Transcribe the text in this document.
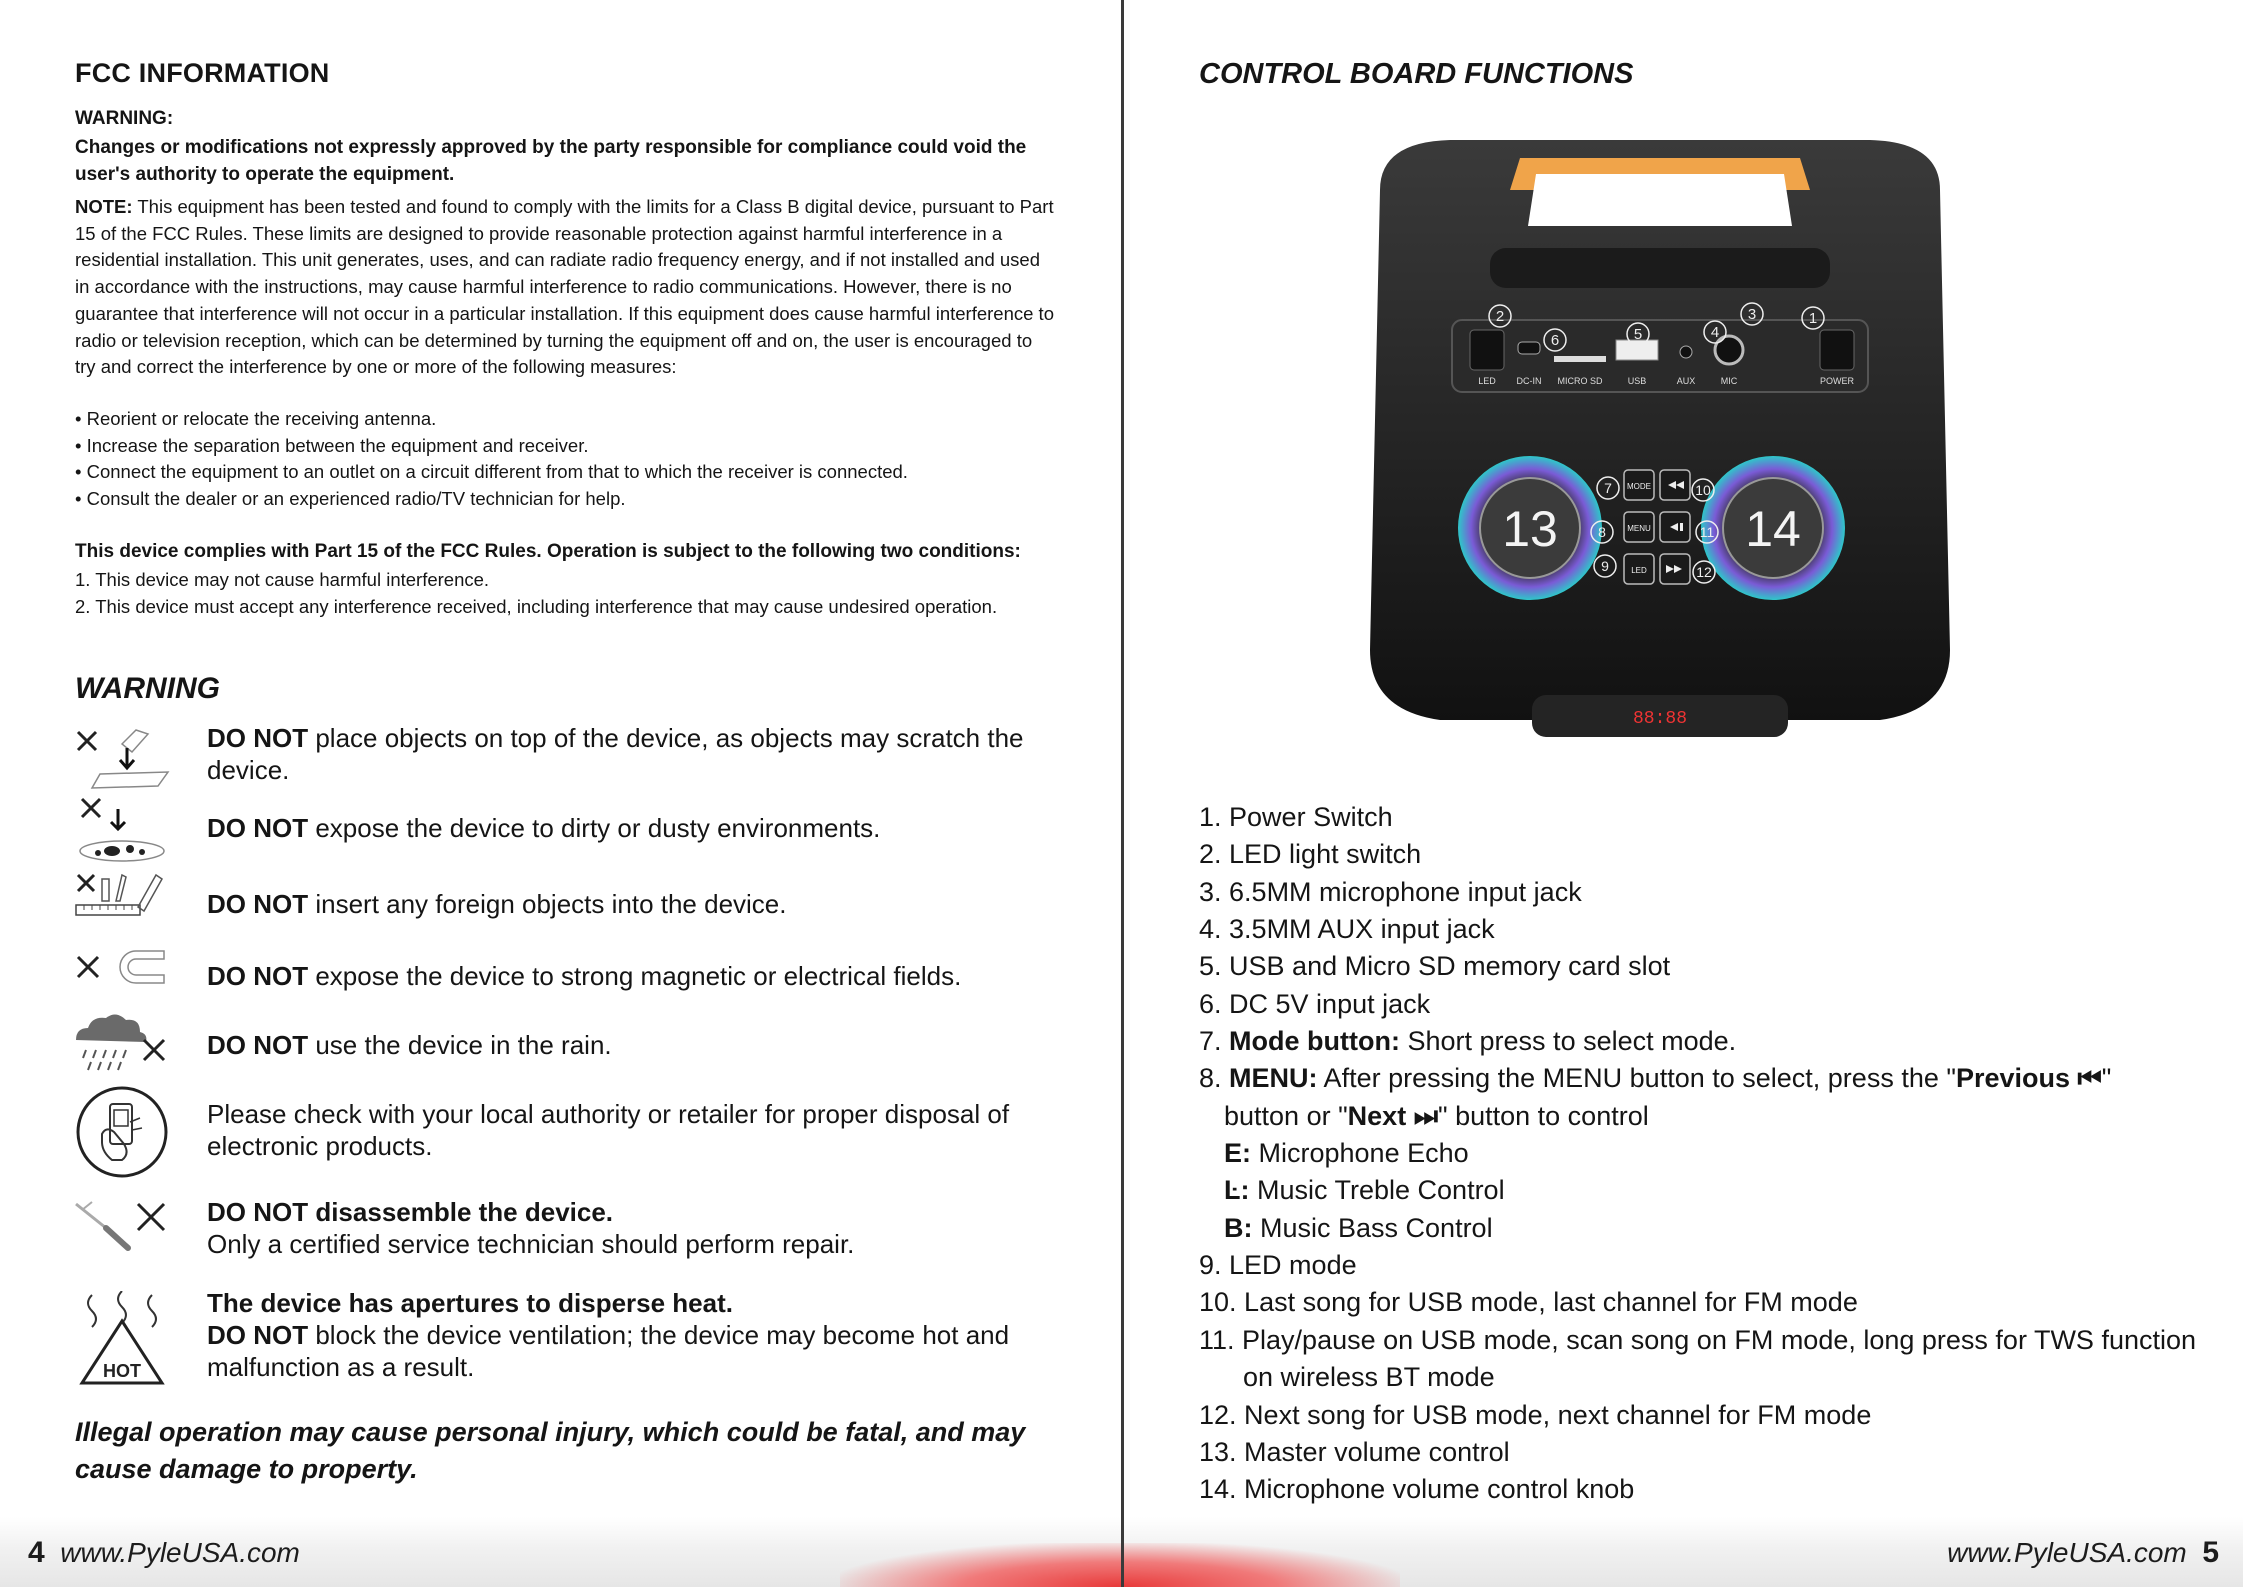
FCC INFORMATION
WARNING:
Changes or modifications not expressly approved by the party responsible for compliance could void the user's authority to operate the equipment.
NOTE: This equipment has been tested and found to comply with the limits for a Class B digital device, pursuant to Part 15 of the FCC Rules. These limits are designed to provide reasonable protection against harmful interference in a residential installation. This unit generates, uses, and can radiate radio frequency energy, and if not installed and used in accordance with the instructions, may cause harmful interference to radio communications. However, there is no guarantee that interference will not occur in a particular installation. If this equipment does cause harmful interference to radio or television reception, which can be determined by turning the equipment off and on, the user is encouraged to try and correct the interference by one or more of the following measures:
• Reorient or relocate the receiving antenna.
• Increase the separation between the equipment and receiver.
• Connect the equipment to an outlet on a circuit different from that to which the receiver is connected.
• Consult the dealer or an experienced radio/TV technician for help.
This device complies with Part 15 of the FCC Rules. Operation is subject to the following two conditions:
1. This device may not cause harmful interference.
2. This device must accept any interference received, including interference that may cause undesired operation.
WARNING
DO NOT place objects on top of the device, as objects may scratch the device.
DO NOT expose the device to dirty or dusty environments.
DO NOT insert any foreign objects into the device.
DO NOT expose the device to strong magnetic or electrical fields.
DO NOT use the device in the rain.
Please check with your local authority or retailer for proper disposal of electronic products.
DO NOT disassemble the device.
Only a certified service technician should perform repair.
HOT
The device has apertures to disperse heat.
DO NOT block the device ventilation; the device may become hot and malfunction as a result.
Illegal operation may cause personal injury, which could be fatal, and may cause damage to property.
CONTROL BOARD FUNCTIONS
LED DC-IN MICRO SD	USB	AUX	MIC	POWER
1
2	3
4
5
6
13	14
MODE
MENU
LED
7
8
9
10
11
12
88:88
1. Power Switch
2. LED light switch
3. 6.5MM microphone input jack
4. 3.5MM AUX input jack
5. USB and Micro SD memory card slot
6. DC 5V input jack
7. Mode button: Short press to select mode.
8. MENU: After pressing the MENU button to select, press the "Previous ⏮"
button or "Next ⏭" button to control
E: Microphone Echo
Ŀ: Music Treble Control
B: Music Bass Control
9. LED mode
10. Last song for USB mode, last channel for FM mode
11. Play/pause on USB mode, scan song on FM mode, long press for TWS function
on wireless BT mode
12. Next song for USB mode, next channel for FM mode
13. Master volume control
14. Microphone volume control knob
4 www.PyleUSA.com	www.PyleUSA.com 5
